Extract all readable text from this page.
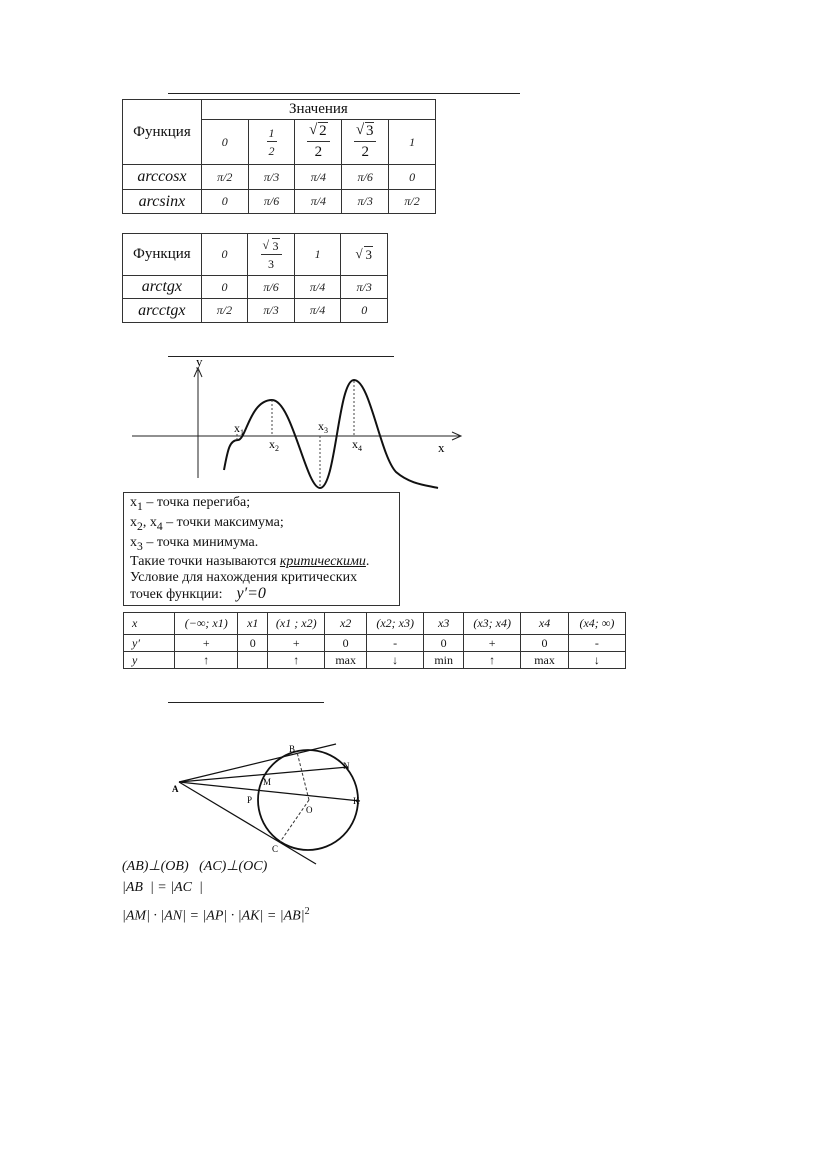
Функция	Значения				
	0	$\frac{1}{2}$	$\frac{√ 2}{2}$	$\frac{√ 3}{2}$	1
arccosx	π/2	π/3	π/4	π/6	0
arcsinx	0	π/6	π/4	π/3	π/2
Функция	0	$\frac{√ 3}{3}$	1	√ 3
arctgx	0	π/6	π/4	π/3
arcctgx	π/2	π/3	π/4	0
y
x
$x_1$
$x_2$
$x_3$
$x_4$
$x_1$ – точка перегиба;
$x_2$, $x_4$ – точки максимума;
$x_3$ – точка минимума.
Такие точки называются критическими.
Условие для нахождения критических
точек функции: y′=0
x	(−∞; x1)	x1	(x1 ; x2)	x2	(x2; x3)	x3	(x3; x4)	x4	(x4; ∞)
y′	+	0	+	0	-	0	+	0	-
y	↑		↑	max	↓	min	↑	max	↓
A
B
M
N
P
O
K
C
(AB)⊥(OB)   (AC)⊥(OC)
|AB  | = |AC  |
$|AM| \cdot |AN| = |AP| \cdot |AK| = |AB|^2$
